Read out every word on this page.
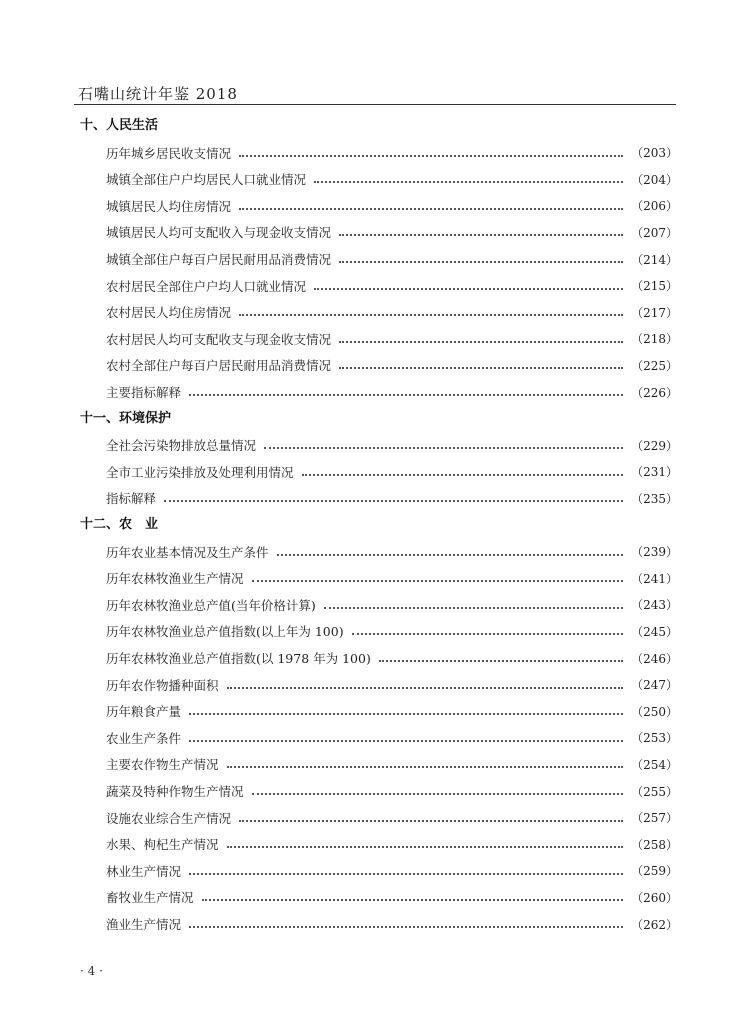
石嘴山统计年鉴 2018
十、人民生活
历年城乡居民收支情况	（203）
城镇全部住户户均居民人口就业情况	（204）
城镇居民人均住房情况	（206）
城镇居民人均可支配收入与现金收支情况	（207）
城镇全部住户每百户居民耐用品消费情况	（214）
农村居民全部住户户均人口就业情况	（215）
农村居民人均住房情况	（217）
农村居民人均可支配收支与现金收支情况	（218）
农村全部住户每百户居民耐用品消费情况	（225）
主要指标解释	（226）
十一、环境保护
全社会污染物排放总量情况	（229）
全市工业污染排放及处理利用情况	（231）
指标解释	（235）
十二、农　业
历年农业基本情况及生产条件	（239）
历年农林牧渔业生产情况	（241）
历年农林牧渔业总产值(当年价格计算)	（243）
历年农林牧渔业总产值指数(以上年为 100)	（245）
历年农林牧渔业总产值指数(以 1978 年为 100)	（246）
历年农作物播种面积	（247）
历年粮食产量	（250）
农业生产条件	（253）
主要农作物生产情况	（254）
蔬菜及特种作物生产情况	（255）
设施农业综合生产情况	（257）
水果、枸杞生产情况	（258）
林业生产情况	（259）
畜牧业生产情况	（260）
渔业生产情况	（262）
· 4 ·
